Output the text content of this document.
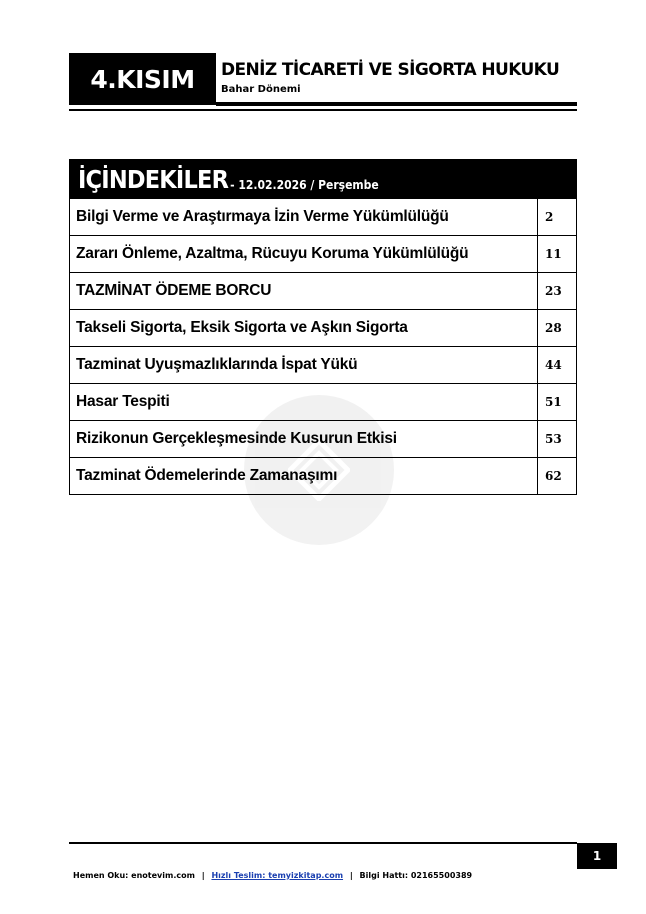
4.KISIM DENİZ TİCARETİ VE SİGORTA HUKUKU
Bahar Dönemi
İÇİNDEKİLER - 12.02.2026 / Perşembe
Bilgi Verme ve Araştırmaya İzin Verme Yükümlülüğü	2
Zararı Önleme, Azaltma, Rücuyu Koruma Yükümlülüğü	11
TAZMİNAT ÖDEME BORCU	23
Takseli Sigorta, Eksik Sigorta ve Aşkın Sigorta	28
Tazminat Uyuşmazlıklarında İspat Yükü	44
Hasar Tespiti	51
Rizikonun Gerçekleşmesinde Kusurun Etkisi	53
Tazminat Ödemelerinde Zamanaşımı	62
1
Hemen Oku: enotevim.com | Hızlı Teslim: temyizkitap.com | Bilgi Hattı: 02165500389
